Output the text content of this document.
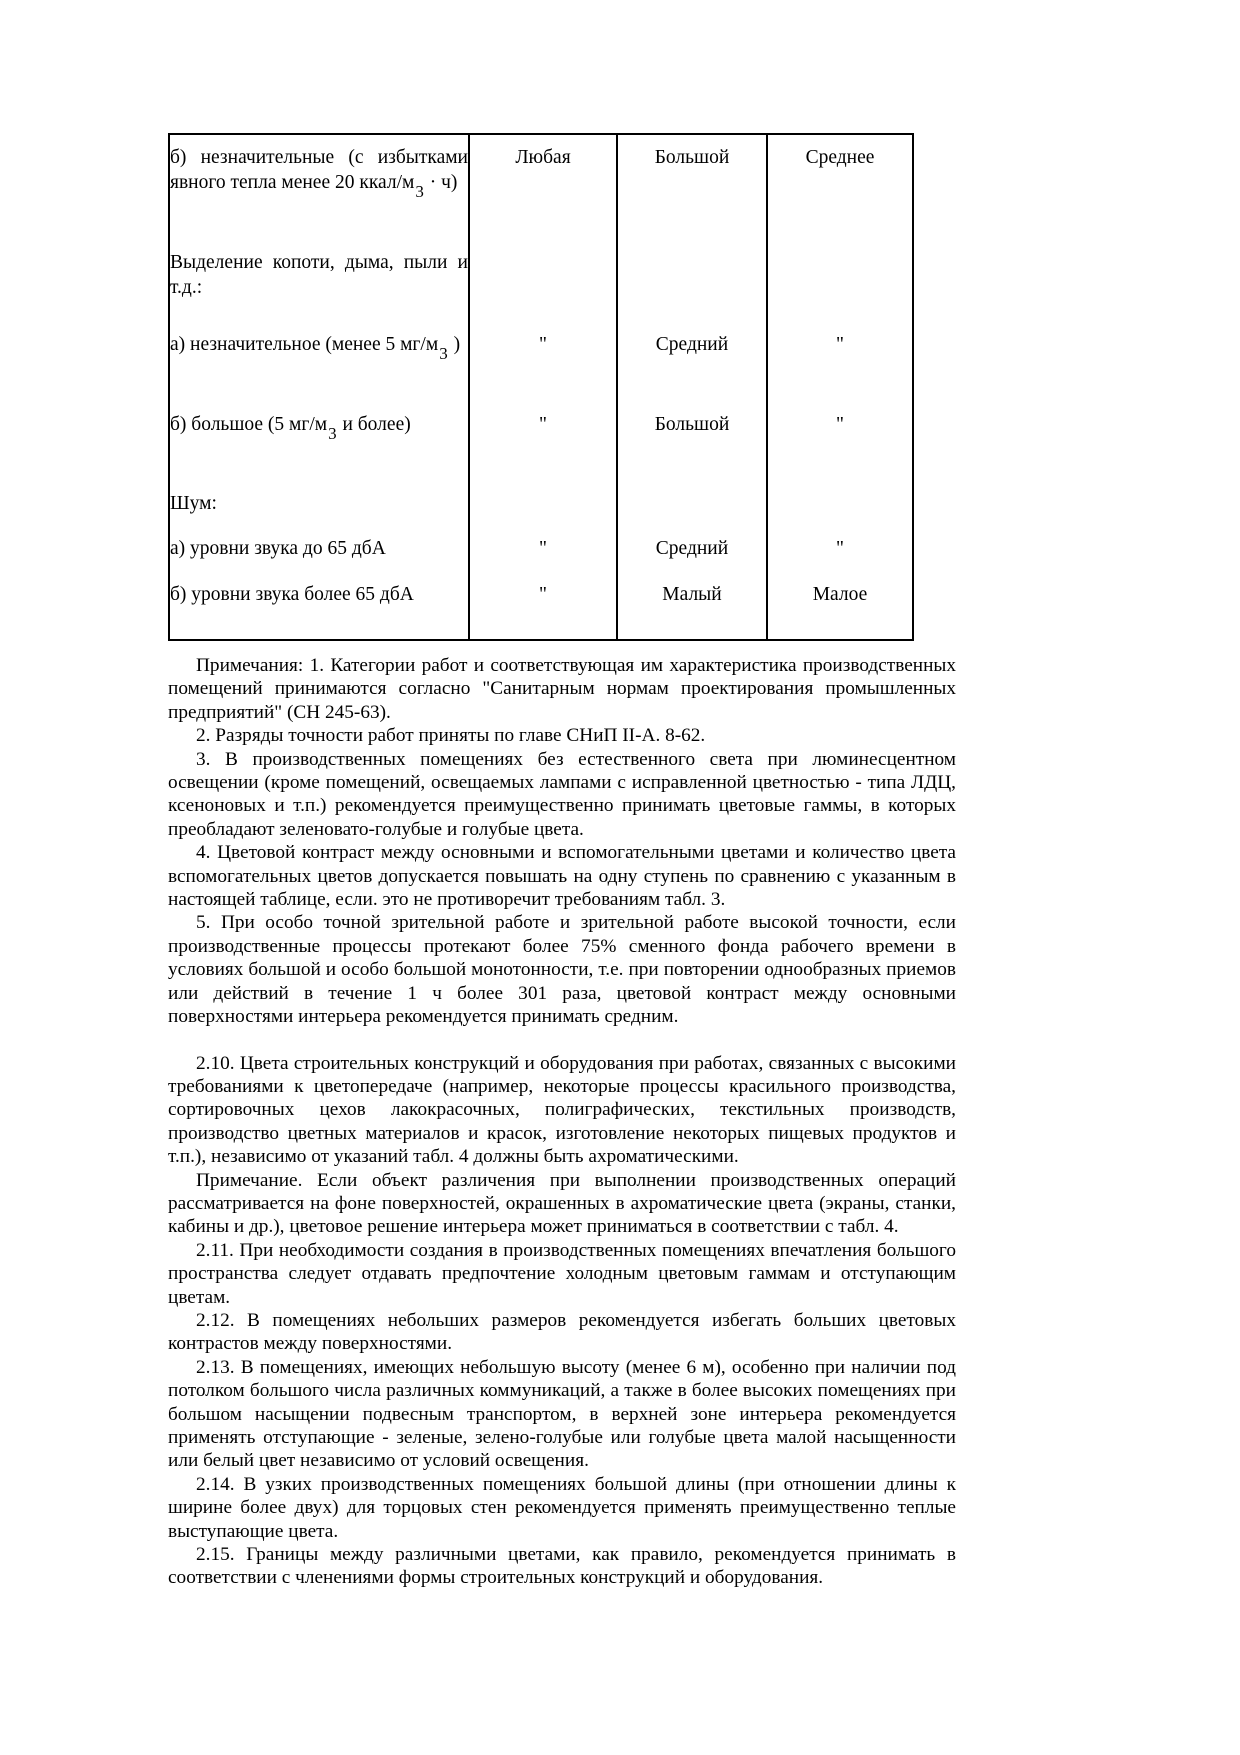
б) незначительные (с избытками явного тепла менее 20 ккал/м3 · ч)	Любая	Большой	Среднее

Выделение копоти, дыма, пыли и т.д.:			

а) незначительное (менее 5 мг/м3 )	"	Средний	"

б) большое (5 мг/м3 и более)	"	Большой	"

Шум:			

а) уровни звука до 65 дбА	"	Средний	"

б) уровни звука более 65 дбА	"	Малый	Малое

Примечания: 1. Категории работ и соответствующая им характеристика производственных помещений принимаются согласно "Санитарным нормам проектирования промышленных предприятий" (СН 245-63).

2. Разряды точности работ приняты по главе СНиП II-А. 8-62.

3. В производственных помещениях без естественного света при люминесцентном освещении (кроме помещений, освещаемых лампами с исправленной цветностью - типа ЛДЦ, ксеноновых и т.п.) рекомендуется преимущественно принимать цветовые гаммы, в которых преобладают зеленовато-голубые и голубые цвета.

4. Цветовой контраст между основными и вспомогательными цветами и количество цвета вспомогательных цветов допускается повышать на одну ступень по сравнению с указанным в настоящей таблице, если. это не противоречит требованиям табл. 3.

5. При особо точной зрительной работе и зрительной работе высокой точности, если производственные процессы протекают более 75% сменного фонда рабочего времени в условиях большой и особо большой монотонности, т.е. при повторении однообразных приемов или действий в течение 1 ч более 301 раза, цветовой контраст между основными поверхностями интерьера рекомендуется принимать средним.

2.10. Цвета строительных конструкций и оборудования при работах, связанных с высокими требованиями к цветопередаче (например, некоторые процессы красильного производства, сортировочных цехов лакокрасочных, полиграфических, текстильных производств, производство цветных материалов и красок, изготовление некоторых пищевых продуктов и т.п.), независимо от указаний табл. 4 должны быть ахроматическими.

Примечание. Если объект различения при выполнении производственных операций рассматривается на фоне поверхностей, окрашенных в ахроматические цвета (экраны, станки, кабины и др.), цветовое решение интерьера может приниматься в соответствии с табл. 4.

2.11. При необходимости создания в производственных помещениях впечатления большого пространства следует отдавать предпочтение холодным цветовым гаммам и отступающим цветам.

2.12. В помещениях небольших размеров рекомендуется избегать больших цветовых контрастов между поверхностями.

2.13. В помещениях, имеющих небольшую высоту (менее 6 м), особенно при наличии под потолком большого числа различных коммуникаций, а также в более высоких помещениях при большом насыщении подвесным транспортом, в верхней зоне интерьера рекомендуется применять отступающие - зеленые, зелено-голубые или голубые цвета малой насыщенности или белый цвет независимо от условий освещения.

2.14. В узких производственных помещениях большой длины (при отношении длины к ширине более двух) для торцовых стен рекомендуется применять преимущественно теплые выступающие цвета.

2.15. Границы между различными цветами, как правило, рекомендуется принимать в соответствии с членениями формы строительных конструкций и оборудования.
